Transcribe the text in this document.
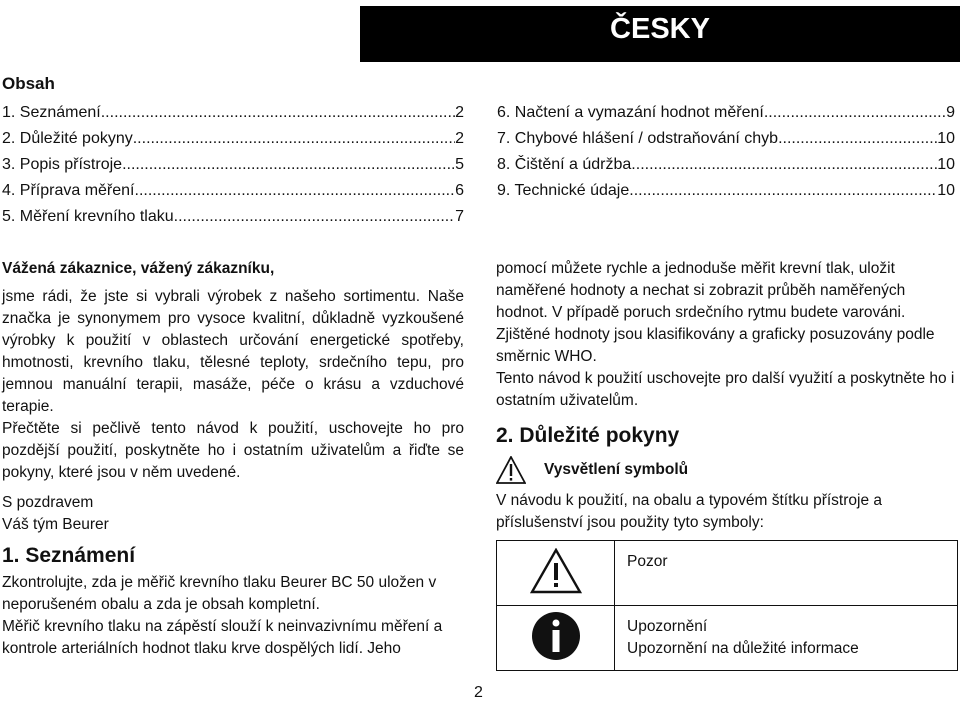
ČESKY
Obsah
1. Seznámení .....	2
2. Důležité pokyny .....	2
3. Popis přístroje .....	5
4. Příprava měření .....	6
5. Měření krevního tlaku .....	7
6. Načtení a vymazání hodnot měření .....	9
7. Chybové hlášení / odstraňování chyb .....	10
8. Čištění a údržba .....	10
9. Technické údaje .....	10

Vážená zákaznice, vážený zákazníku,

jsme rádi, že jste si vybrali výrobek z našeho sortimentu. Naše značka je synonymem pro vysoce kvalitní, důkladně vyzkoušené výrobky k použití v oblastech určování energetické spotřeby, hmotnosti, krevního tlaku, tělesné teploty, srdečního tepu, pro jemnou manuální terapii, masáže, péče o krásu a vzduchové terapie.

Přečtěte si pečlivě tento návod k použití, uschovejte ho pro pozdější použití, poskytněte ho i ostatním uživatelům a řiďte se pokyny, které jsou v něm uvedené.

S pozdravem

Váš tým Beurer

1. Seznámení

Zkontrolujte, zda je měřič krevního tlaku Beurer BC 50 uložen v neporušeném obalu a zda je obsah kompletní.

Měřič krevního tlaku na zápěstí slouží k neinvazivnímu měření a kontrole arteriálních hodnot tlaku krve dospělých lidí. Jeho

pomocí můžete rychle a jednoduše měřit krevní tlak, uložit naměřené hodnoty a nechat si zobrazit průběh naměřených hodnot. V případě poruch srdečního rytmu budete varováni.

Zjištěné hodnoty jsou klasifikovány a graficky posuzovány podle směrnic WHO.

Tento návod k použití uschovejte pro další využití a poskytněte ho i ostatním uživatelům.

2. Důležité pokyny

Vysvětlení symbolů

V návodu k použití, na obalu a typovém štítku přístroje a příslušenství jsou použity tyto symboly:

Pozor

Upozornění
Upozornění na důležité informace
2
